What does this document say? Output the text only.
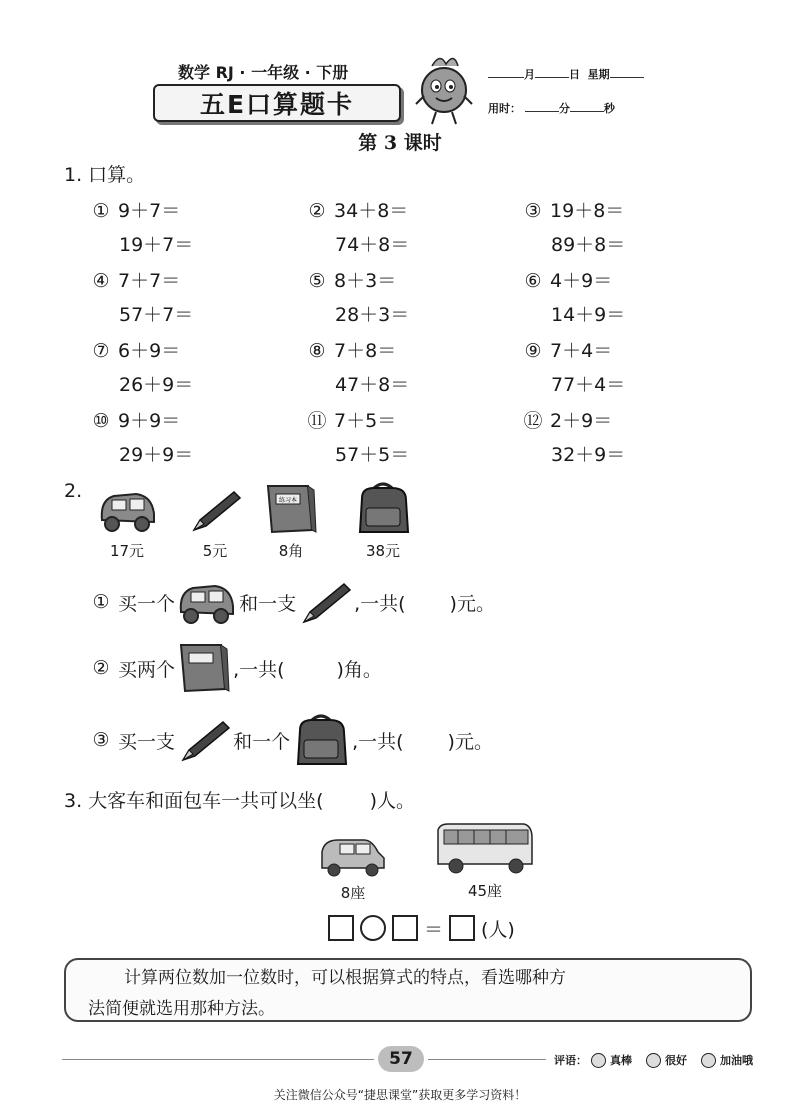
数学 RJ · 一年级 · 下册
五E口算题卡
月	日 星期
用时：	分	秒
第 3 课时
1. 口算。
① 9＋7＝
19＋7＝
② 34＋8＝
74＋8＝
③ 19＋8＝
89＋8＝
④ 7＋7＝
57＋7＝
⑤ 8＋3＝
28＋3＝
⑥ 4＋9＝
14＋9＝
⑦ 6＋9＝
26＋9＝
⑧ 7＋8＝
47＋8＝
⑨ 7＋4＝
77＋4＝
⑩ 9＋9＝
29＋9＝
⑪ 7＋5＝
57＋5＝
⑫ 2＋9＝
32＋9＝
2.
17元	5元
练习本
8角	38元
①
买一个	和一支	,一共( )元。
②
买两个	,一共(	)角。
③
买一支	和一个	,一共( )元。
3. 大客车和面包车一共可以坐( )人。
8座	45座
＝ (人)
计算两位数加一位数时，可以根据算式的特点，看选哪种方
法简便就选用那种方法。
57	评语： 真棒	很好	加油哦
关注微信公众号“捷思课堂”获取更多学习资料！
